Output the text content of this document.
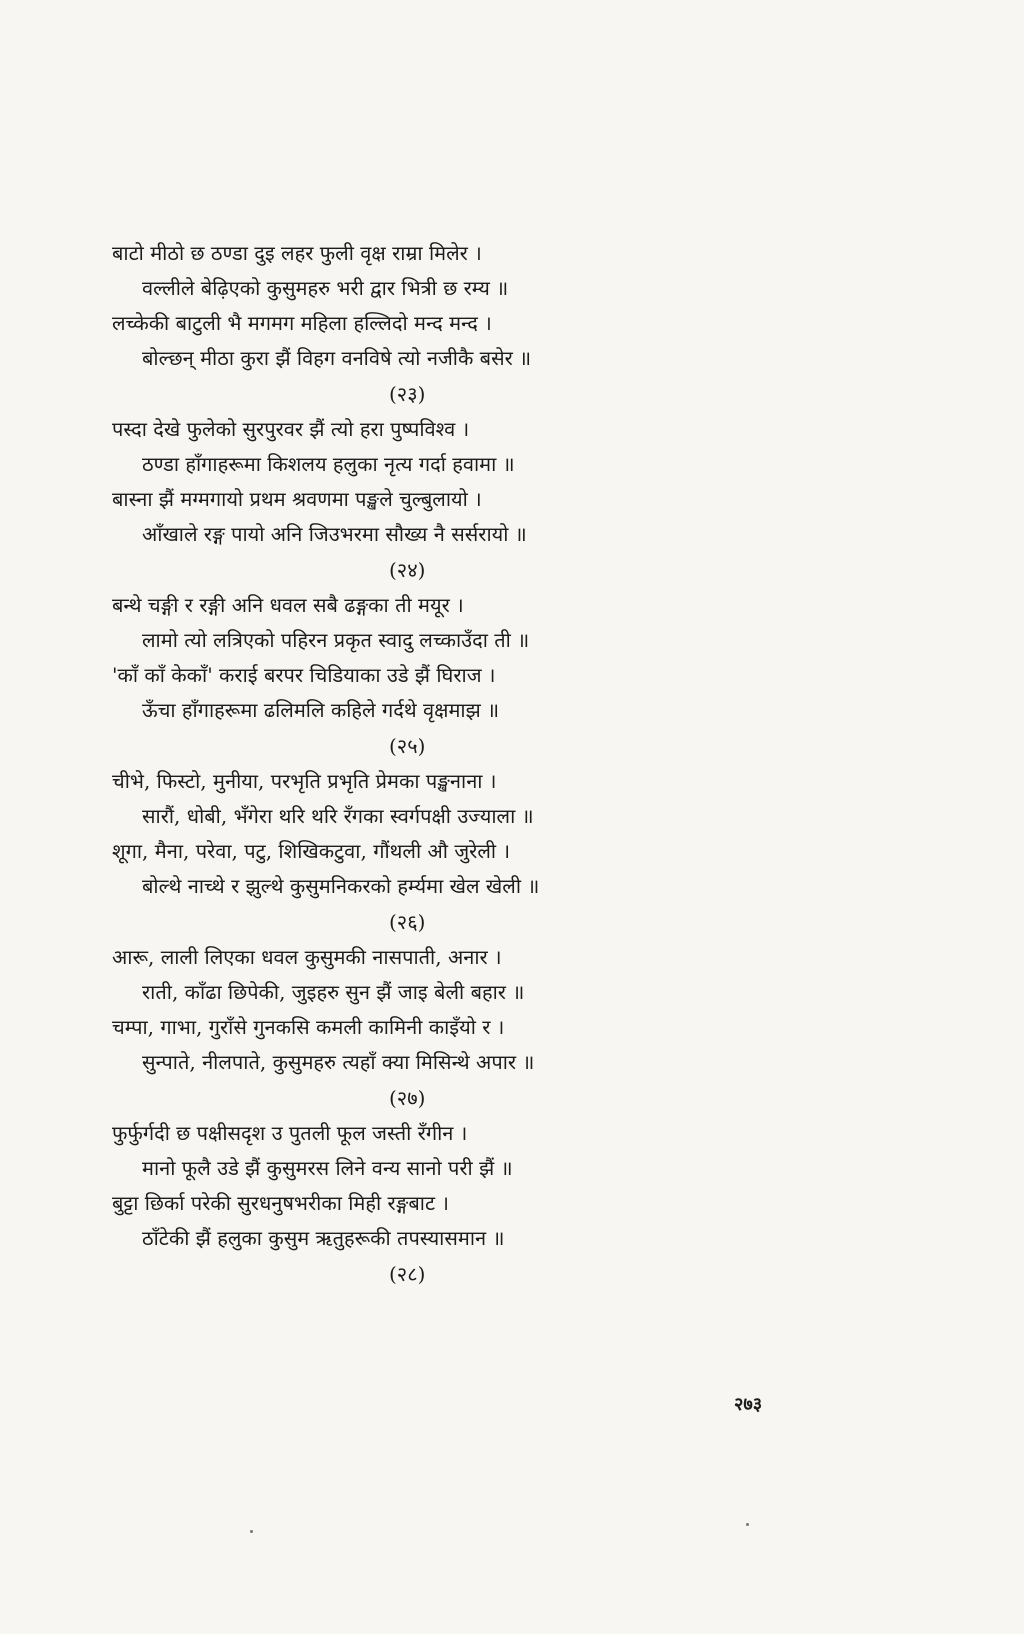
बाटो मीठो छ ठण्डा दुइ लहर फुली वृक्ष राम्रा मिलेर ।
वल्लीले बेढ़िएको कुसुमहरु भरी द्वार भित्री छ रम्य ॥
लच्केकी बाटुली भै मगमग महिला हल्लिदो मन्द मन्द ।
बोल्छन् मीठा कुरा झैं विहग वनविषे त्यो नजीकै बसेर ॥
(२३)
पस्दा देखे फुलेको सुरपुरवर झैं त्यो हरा पुष्पविश्व ।
ठण्डा हाँगाहरूमा किशलय हलुका नृत्य गर्दा हवामा ॥
बास्ना झैं मग्मगायो प्रथम श्रवणमा पङ्खले चुल्बुलायो ।
आँखाले रङ्ग पायो अनि जिउभरमा सौख्य नै सर्सरायो ॥
(२४)
बन्थे चङ्गी र रङ्गी अनि धवल सबै ढङ्गका ती मयूर ।
लामो त्यो लत्रिएको पहिरन प्रकृत स्वादु लच्काउँदा ती ॥
'काँ काँ केकाँ' कराई बरपर चिडियाका उडे झैं घिराज ।
ऊँचा हाँगाहरूमा ढलिमलि कहिले गर्दथे वृक्षमाझ ॥
(२५)
चीभे, फिस्टो, मुनीया, परभृति प्रभृति प्रेमका पङ्खनाना ।
सारौं, धोबी, भँगेरा थरि थरि रँगका स्वर्गपक्षी उज्याला ॥
शूगा, मैना, परेवा, पटु, शिखिकटुवा, गौंथली औ जुरेली ।
बोल्थे नाच्थे र झुल्थे कुसुमनिकरको हर्म्यमा खेल खेली ॥
(२६)
आरू, लाली लिएका धवल कुसुमकी नासपाती, अनार ।
राती, काँढा छिपेकी, जुइहरु सुन झैं जाइ बेली बहार ॥
चम्पा, गाभा, गुराँसे गुनकसि कमली कामिनी काइँयो र ।
सुन्पाते, नीलपाते, कुसुमहरु त्यहाँ क्या मिसिन्थे अपार ॥
(२७)
फुर्फुर्गदी छ पक्षीसदृश उ पुतली फूल जस्ती रँगीन ।
मानो फूलै उडे झैं कुसुमरस लिने वन्य सानो परी झैं ॥
बुट्टा छिर्का परेकी सुरधनुषभरीका मिही रङ्गबाट ।
ठाँटेकी झैं हलुका कुसुम ऋतुहरूकी तपस्यासमान ॥
(२८)
२७३
